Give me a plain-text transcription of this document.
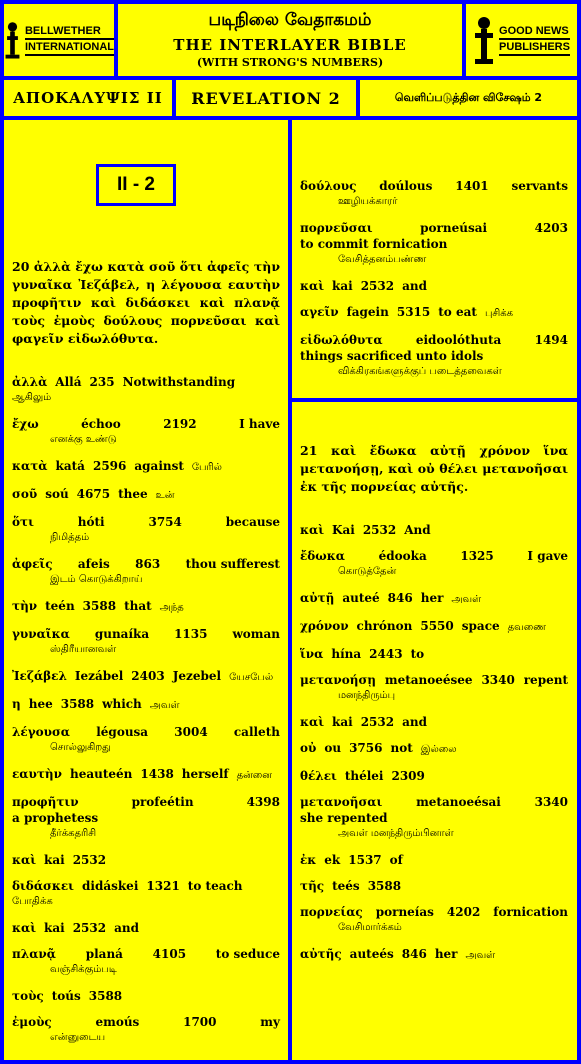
BELLWETHER
INTERNATIONAL
படிநிலை வேதாகமம்
THE INTERLAYER BIBLE
(WITH STRONG'S NUMBERS)
GOOD NEWS
PUBLISHERS
ΑΠΟΚΑΛΥΨΙΣ II	REVELATION 2	வெளிப்படுத்தின விசேஷம் 2
II - 2
20 ἀλλὰ ἔχω κατὰ σοῦ ὅτι ἀφεῖς τὴν γυναῖκα Ἰεζάβελ, η λέγουσα εαυτὴν προφῆτιν καὶ διδάσκει καὶ πλανᾷ τοὺς ἐμοὺς δούλους πορνεῦσαι καὶ φαγεῖν εἰδωλόθυτα.
ἀλλὰ Allá 235 Notwithstanding
ஆகிலும்
ἔχω	échoo	2192	I have
எனக்கு உண்டு
κατὰ katá 2596 against பேரில்
σοῦ soú 4675 thee உன்
ὅτι	hóti	3754	because
நிமித்தம்
ἀφεῖς afeis 863 thou sufferest
இடம் கொடுக்கிறாய்
τὴν teén 3588 that அந்த
γυναῖκα gunaíka 1135 woman
ஸ்திரீயானவள்
Ἰεζάβελ Iezábel 2403 Jezebel யேசபேல்
η hee 3588 which அவள்
λέγουσα légousa 3004 calleth
சொல்லுகிறது
εαυτὴν heauteén 1438 herself தன்னை
προφῆτιν	profeétin	4398
a prophetess
தீர்க்கதரிசி
καὶ kai 2532
διδάσκει didáskei 1321 to teach
போதிக்க
καὶ kai 2532 and
πλανᾷ planá 4105 to seduce
வஞ்சிக்கும்படி
τοὺς toús 3588
ἐμοὺς	emoús	1700	my
என்னுடைய
δούλους doúlous 1401 servants
ஊழியக்காரர்
πορνεῦσαι	porneúsai	4203
to commit fornication
வேசித்தனம்பண்ண
καὶ kai 2532 and
αγεῖν fagein 5315 to eat புசிக்க
εἰδωλόθυτα	eidoolóthuta	1494
things sacrificed unto idols
விக்கிரகங்களுக்குப் படைத்தவைகள்
21 καὶ ἔδωκα αὐτῇ χρόνον ἵνα μετανοήσῃ, καὶ οὐ θέλει μετανοῆσαι ἐκ τῆς πορνείας αὐτῆς.
καὶ Kai 2532 And
ἔδωκα	édooka	1325	I gave
கொடுத்தேன்
αὐτῇ auteé 846 her அவள்
χρόνον chrónon 5550 space தவணை
ἵνα hína 2443 to
μετανοήσῃ metanoeésee 3340 repent
மனந்திரும்பு
καὶ kai 2532 and
οὐ ou 3756 not இல்லை
θέλει thélei 2309
μετανοῆσαι	metanoeésai	3340
she repented
அவள் மனந்திரும்பினாள்
ἐκ ek 1537 of
τῆς teés 3588
πορνείας porneías 4202 fornication
வேசிமார்க்கம்
αὐτῆς auteés 846 her அவள்
